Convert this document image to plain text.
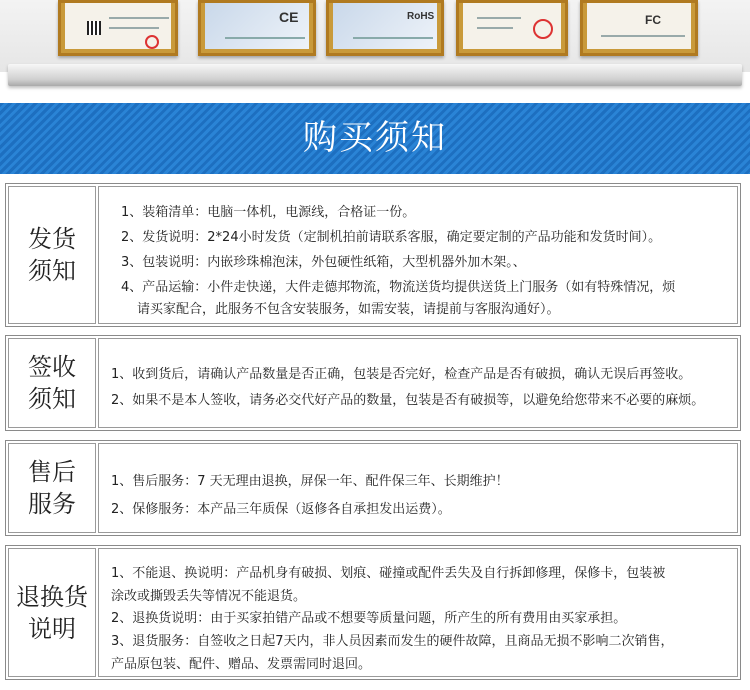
CE	RoHS	FC
购买须知
发货
须知
1、装箱清单：电脑一体机，电源线，合格证一份。
2、发货说明：2*24小时发货（定制机拍前请联系客服，确定要定制的产品功能和发货时间）。
3、包装说明：内嵌珍珠棉泡沫，外包硬性纸箱，大型机器外加木架。、
4、产品运输：小件走快递，大件走德邦物流，物流送货均提供送货上门服务（如有特殊情况，烦
请买家配合，此服务不包含安装服务，如需安装，请提前与客服沟通好）。
签收
须知
1、收到货后，请确认产品数量是否正确，包装是否完好，检查产品是否有破损，确认无误后再签收。
2、如果不是本人签收，请务必交代好产品的数量，包装是否有破损等，以避免给您带来不必要的麻烦。
售后
服务
1、售后服务：7 天无理由退换，屏保一年、配件保三年、长期维护！
2、保修服务：本产品三年质保（返修各自承担发出运费）。
退换货
说明
1、不能退、换说明：产品机身有破损、划痕、碰撞或配件丢失及自行拆卸修理，保修卡，包装被
涂改或撕毁丢失等情况不能退货。
2、退换货说明：由于买家拍错产品或不想要等质量问题，所产生的所有费用由买家承担。
3、退货服务：自签收之日起7天内，非人员因素而发生的硬件故障，且商品无损不影响二次销售，
产品原包装、配件、赠品、发票需同时退回。
